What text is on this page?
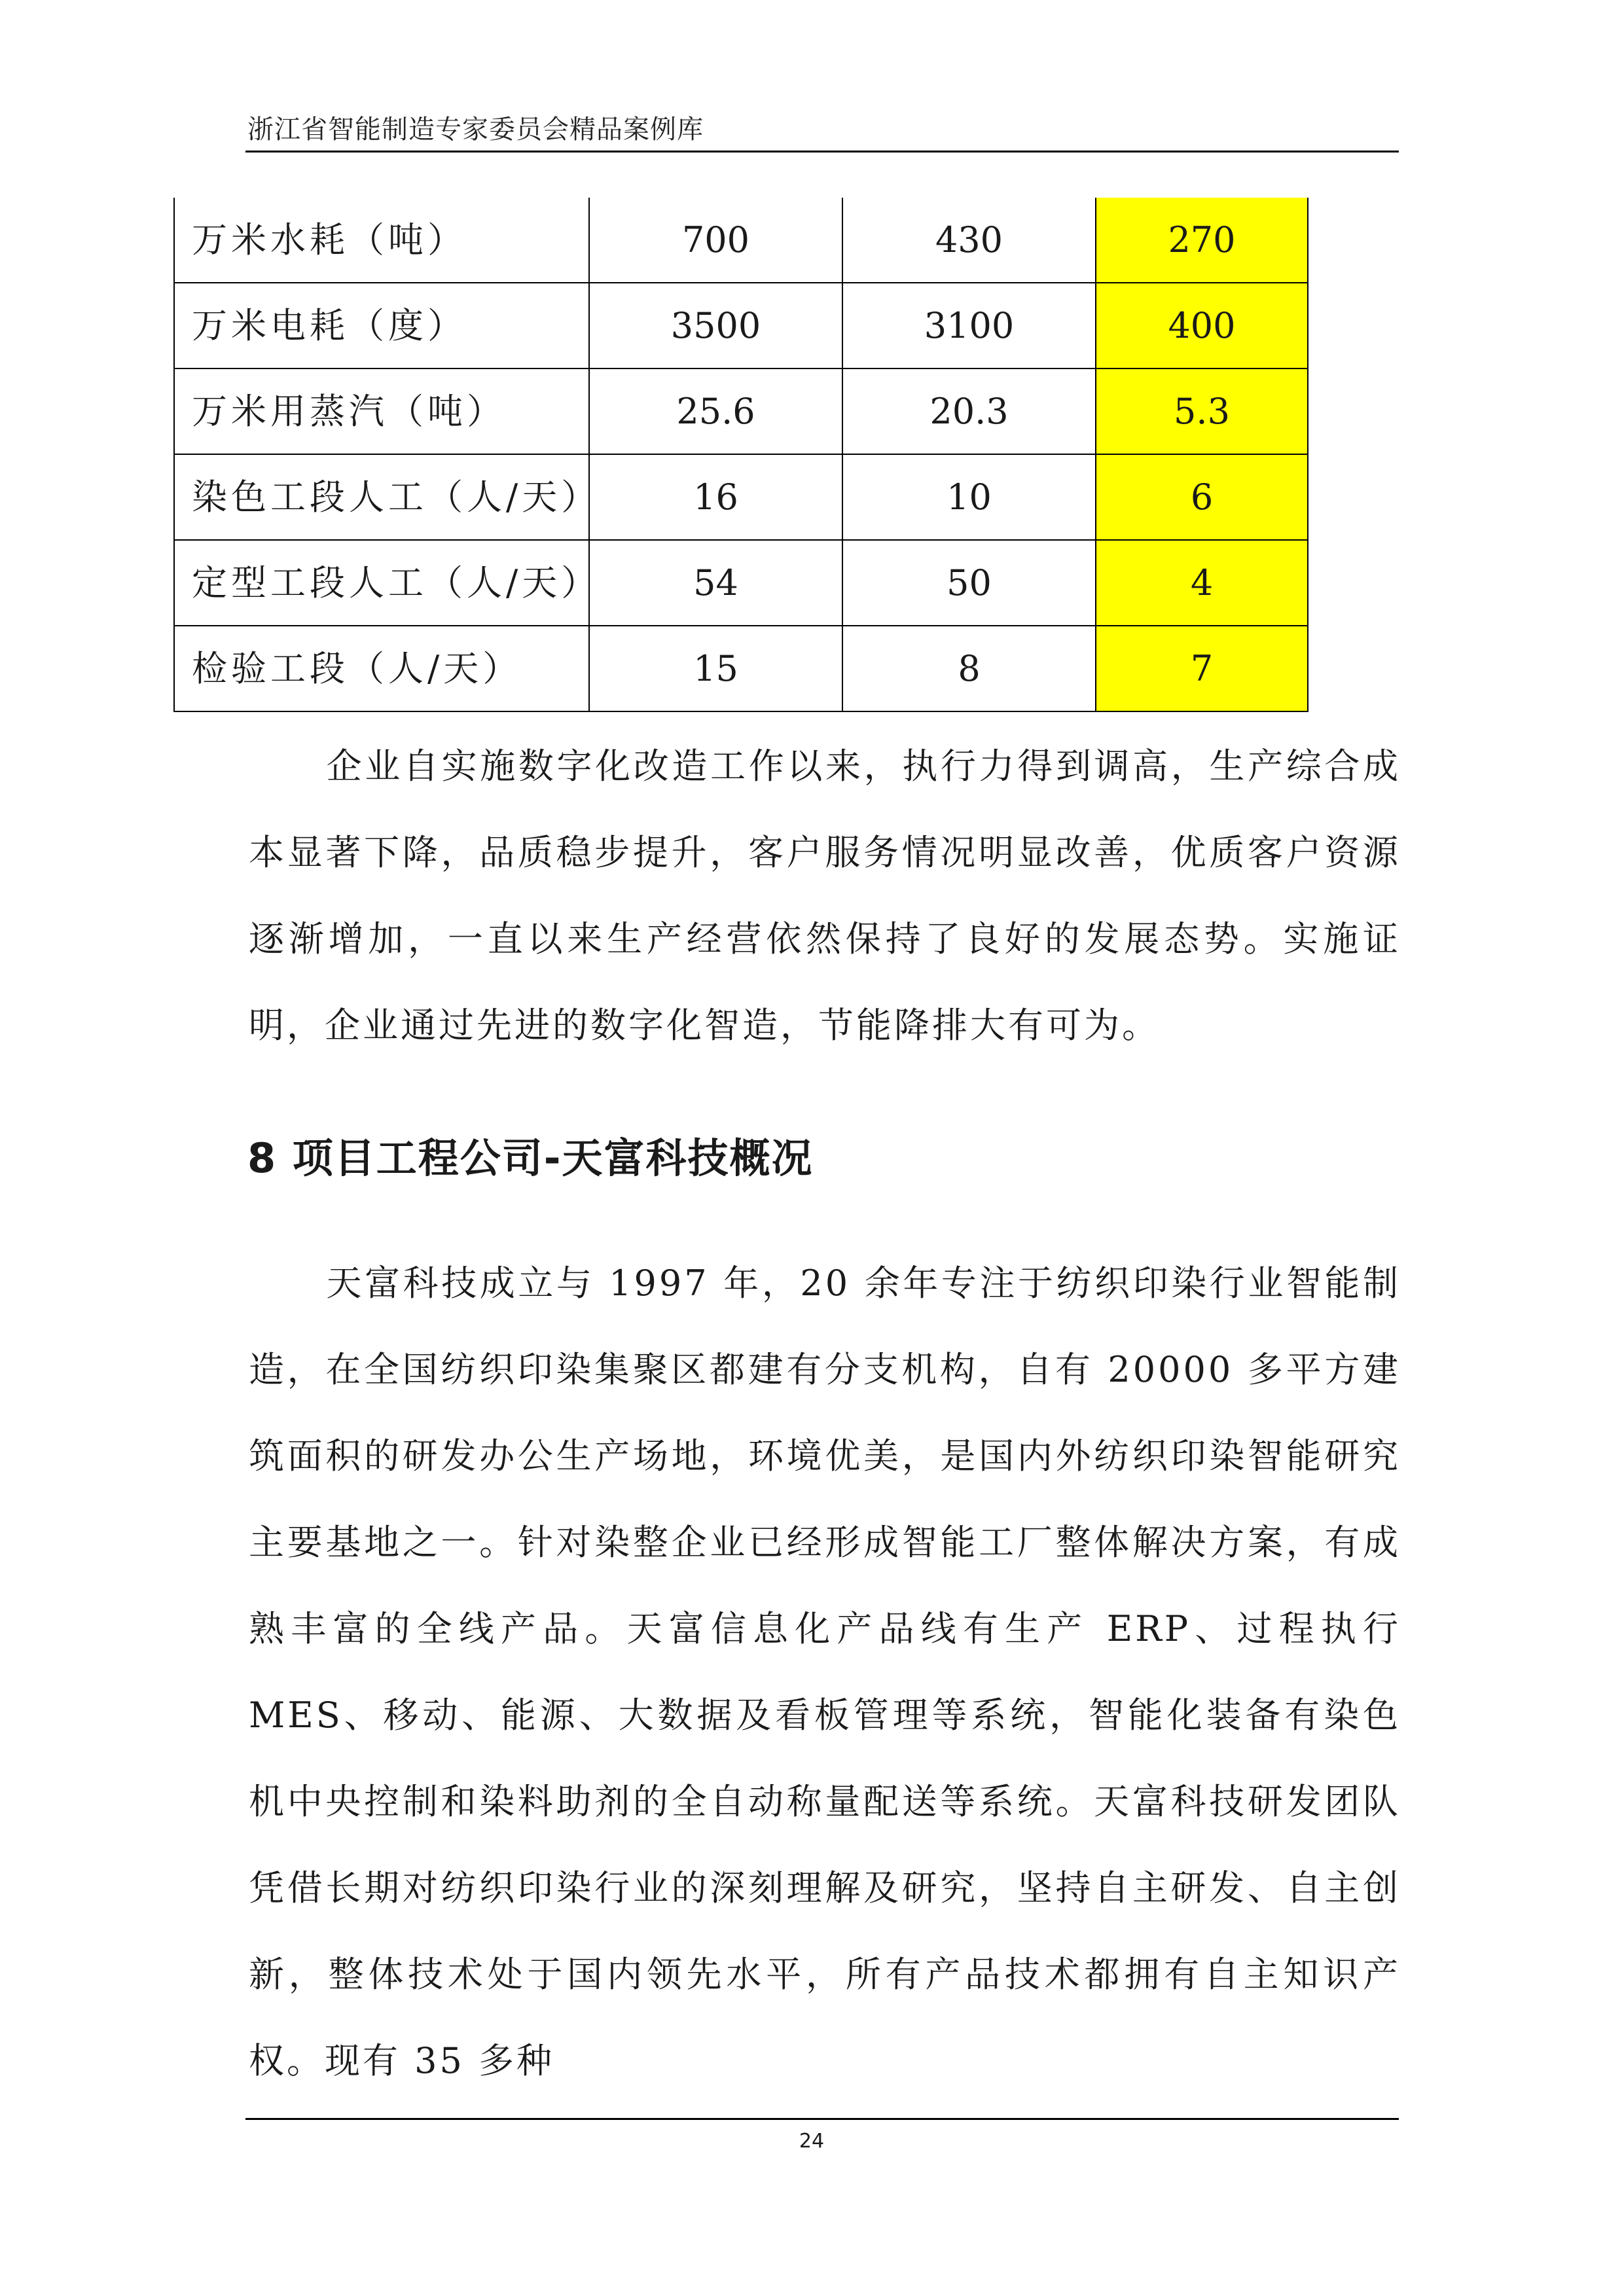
浙江省智能制造专家委员会精品案例库
万米水耗（吨）	700	430	270
万米电耗（度）	3500	3100	400
万米用蒸汽（吨）	25.6	20.3	5.3
染色工段人工（人/天）	16	10	6
定型工段人工（人/天）	54	50	4
检验工段（人/天）	15	8	7

企业自实施数字化改造工作以来，执行力得到调高，生产综合成本显著下降，品质稳步提升，客户服务情况明显改善，优质客户资源逐渐增加，一直以来生产经营依然保持了良好的发展态势。实施证明，企业通过先进的数字化智造，节能降排大有可为。

8 项目工程公司-天富科技概况

天富科技成立与 1997 年，20 余年专注于纺织印染行业智能制造，在全国纺织印染集聚区都建有分支机构，自有 20000 多平方建筑面积的研发办公生产场地，环境优美，是国内外纺织印染智能研究主要基地之一。针对染整企业已经形成智能工厂整体解决方案，有成熟丰富的全线产品。天富信息化产品线有生产 ERP、过程执行 MES、移动、能源、大数据及看板管理等系统，智能化装备有染色机中央控制和染料助剂的全自动称量配送等系统。天富科技研发团队凭借长期对纺织印染行业的深刻理解及研究，坚持自主研发、自主创新，整体技术处于国内领先水平，所有产品技术都拥有自主知识产权。现有 35 多种

24
